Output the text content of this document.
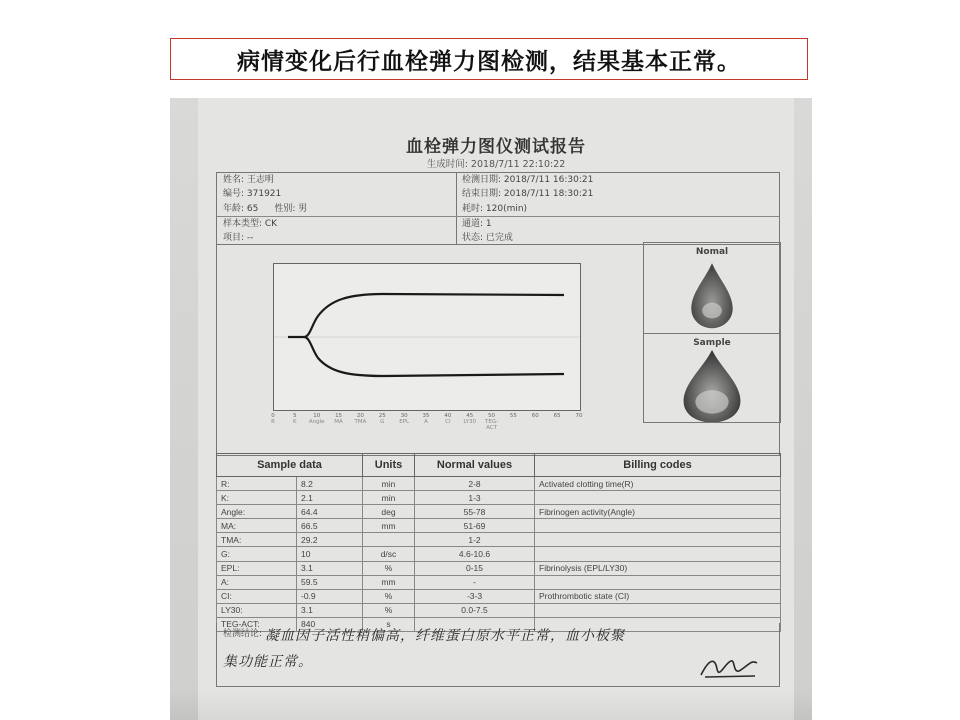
病情变化后行血栓弹力图检测，结果基本正常。
血栓弹力图仪测试报告
生成时间: 2018/7/11 22:10:22
姓名: 王志明
编号: 371921
年龄: 65 性别: 男
样本类型: CK
项目: --
检测日期: 2018/7/11 16:30:21
结束日期: 2018/7/11 18:30:21
耗时: 120(min)
通道: 1
状态: 已完成
0
R
5
K
10
Angle
15
MA
20
TMA
25
G
30
EPL
35
A
40
CI
45
LY30
50
TEG-ACT
55	60	65	70
Nomal
Sample
Sample data		Units	Normal values	Billing codes
R:	8.2	min	2-8	Activated clotting time(R)
K:	2.1	min	1-3	
Angle:	64.4	deg	55-78	Fibrinogen activity(Angle)
MA:	66.5	mm	51-69	
TMA:	29.2		1-2	
G:	10	d/sc	4.6-10.6	
EPL:	3.1	%	0-15	Fibrinolysis (EPL/LY30)
A:	59.5	mm	-	
CI:	-0.9	%	-3-3	Prothrombotic state (CI)
LY30:	3.1	%	0.0-7.5	
TEG-ACT:	840	s		
检测结论: 凝血因子活性稍偏高，纤维蛋白原水平正常，血小板聚
集功能正常。
